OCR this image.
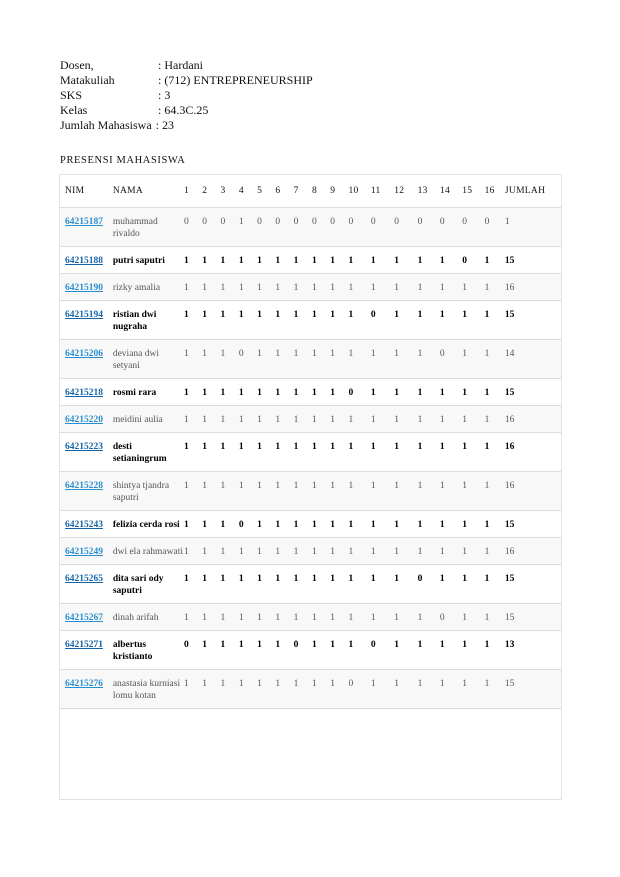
Dosen,	: Hardani
Matakuliah	: (712) ENTREPRENEURSHIP
SKS	: 3
Kelas	: 64.3C.25
Jumlah Mahasiswa : 23
PRESENSI MAHASISWA
NIM	NAMA	1	2	3	4	5	6	7	8	9	10	11	12	13	14	15	16	JUMLAH
64215187	muhammad rivaldo	0	0	0	1	0	0	0	0	0	0	0	0	0	0	0	0	1
64215188	putri saputri	1	1	1	1	1	1	1	1	1	1	1	1	1	1	0	1	15
64215190	rizky amalia	1	1	1	1	1	1	1	1	1	1	1	1	1	1	1	1	16
64215194	ristian dwi nugraha	1	1	1	1	1	1	1	1	1	1	0	1	1	1	1	1	15
64215206	deviana dwi setyani	1	1	1	0	1	1	1	1	1	1	1	1	1	0	1	1	14
64215218	rosmi rara	1	1	1	1	1	1	1	1	1	0	1	1	1	1	1	1	15
64215220	meidini aulia	1	1	1	1	1	1	1	1	1	1	1	1	1	1	1	1	16
64215223	desti setianingrum	1	1	1	1	1	1	1	1	1	1	1	1	1	1	1	1	16
64215228	shintya tjandra saputri	1	1	1	1	1	1	1	1	1	1	1	1	1	1	1	1	16
64215243	felizia cerda rosi	1	1	1	0	1	1	1	1	1	1	1	1	1	1	1	1	15
64215249	dwi ela rahmawati	1	1	1	1	1	1	1	1	1	1	1	1	1	1	1	1	16
64215265	dita sari ody saputri	1	1	1	1	1	1	1	1	1	1	1	1	0	1	1	1	15
64215267	dinah arifah	1	1	1	1	1	1	1	1	1	1	1	1	1	0	1	1	15
64215271	albertus kristianto	0	1	1	1	1	1	0	1	1	1	0	1	1	1	1	1	13
64215276	anastasia kurniasi lomu kotan	1	1	1	1	1	1	1	1	1	0	1	1	1	1	1	1	15
